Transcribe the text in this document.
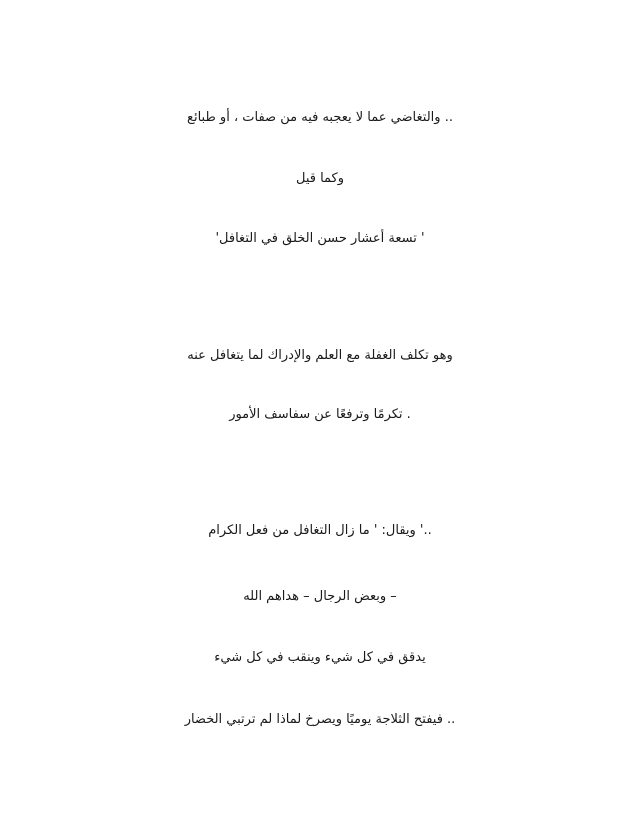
.. والتغاضي عما لا يعجبه فيه من صفات ، أو طبائع
وكما قيل
' تسعة أعشار حسن الخلق في التغافل'
وهو تكلف الغفلة مع العلم والإدراك لما يتغافل عنه
. تكرمًا وترفعًا عن سفاسف الأمور
..' ويقال: ' ما زال التغافل من فعل الكرام
– وبعض الرجال – هداهم الله
يدقق في كل شيء وينقب في كل شيء
.. فيفتح الثلاجة يوميًا ويصرخ لماذا لم ترتبي الخضار
